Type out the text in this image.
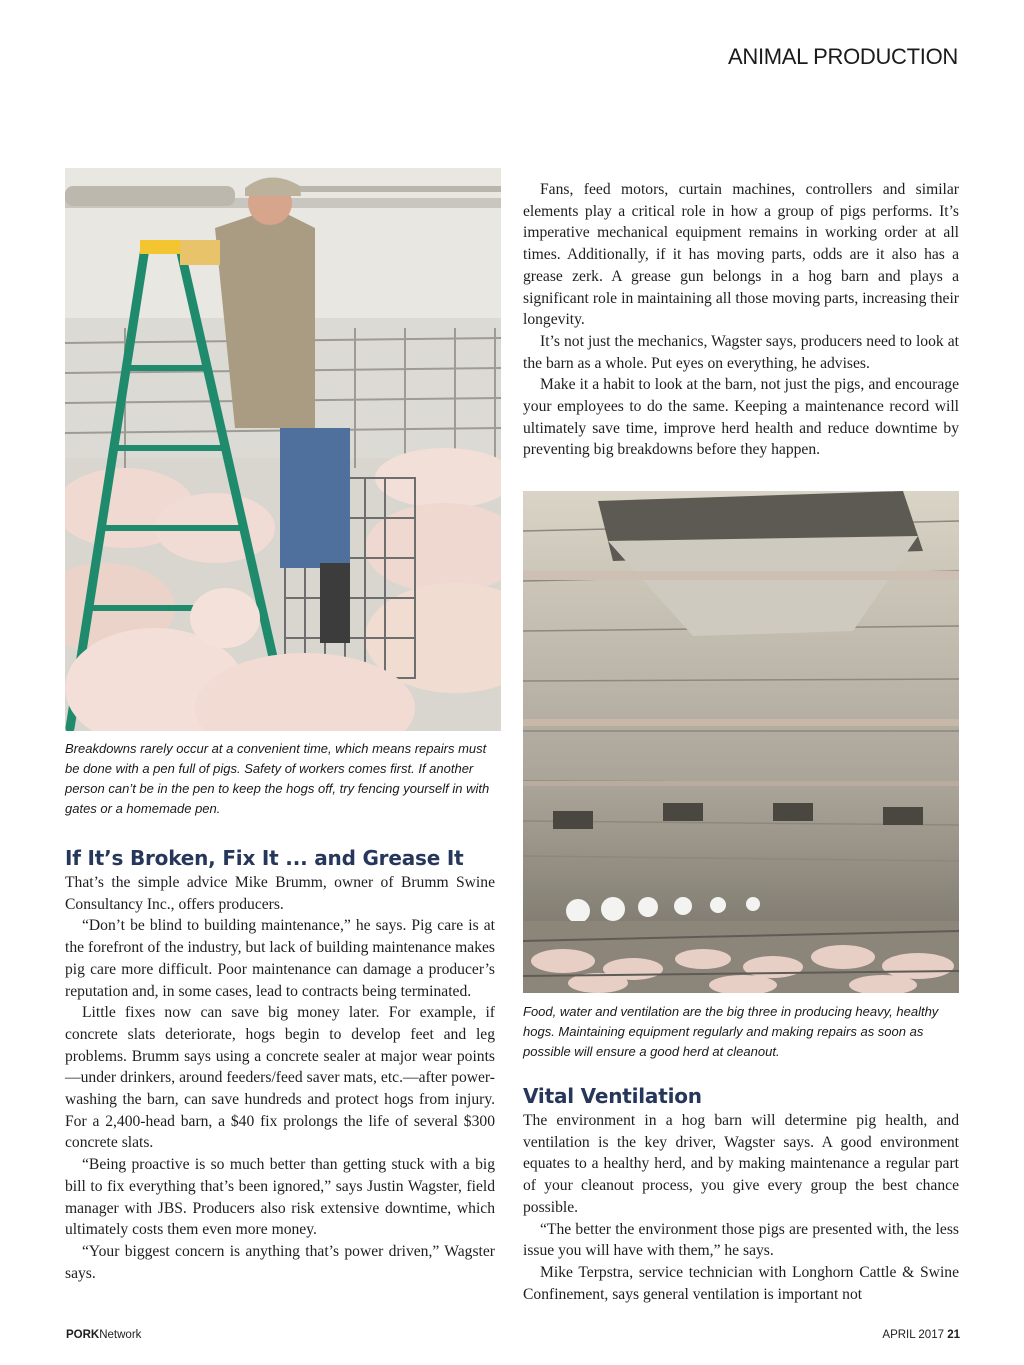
ANIMAL PRODUCTION

Breakdowns rarely occur at a convenient time, which means repairs must be done with a pen full of pigs. Safety of workers comes first. If another person can’t be in the pen to keep the hogs off, try fencing yourself in with gates or a homemade pen.

If It’s Broken, Fix It ... and Grease It

That’s the simple advice Mike Brumm, owner of Brumm Swine Consultancy Inc., offers producers.

“Don’t be blind to building maintenance,” he says. Pig care is at the forefront of the industry, but lack of building maintenance makes pig care more difficult. Poor maintenance can damage a producer’s reputation and, in some cases, lead to contracts being terminated.

Little fixes now can save big money later. For example, if concrete slats deteriorate, hogs begin to develop feet and leg problems. Brumm says using a concrete sealer at major wear points—under drinkers, around feeders/feed saver mats, etc.—after power-washing the barn, can save hundreds and protect hogs from injury. For a 2,400-head barn, a $40 fix prolongs the life of several $300 concrete slats.

“Being proactive is so much better than getting stuck with a big bill to fix everything that’s been ignored,” says Justin Wagster, field manager with JBS. Producers also risk extensive downtime, which ultimately costs them even more money.

“Your biggest concern is anything that’s power driven,” Wagster says.

Fans, feed motors, curtain machines, controllers and similar elements play a critical role in how a group of pigs performs. It’s imperative mechanical equipment remains in working order at all times. Additionally, if it has moving parts, odds are it also has a grease zerk. A grease gun belongs in a hog barn and plays a significant role in maintaining all those moving parts, increasing their longevity.

It’s not just the mechanics, Wagster says, producers need to look at the barn as a whole. Put eyes on everything, he advises.

Make it a habit to look at the barn, not just the pigs, and encourage your employees to do the same. Keeping a maintenance record will ultimately save time, improve herd health and reduce downtime by preventing big breakdowns before they happen.

Food, water and ventilation are the big three in producing heavy, healthy hogs. Maintaining equipment regularly and making repairs as soon as possible will ensure a good herd at cleanout.

Vital Ventilation

The environment in a hog barn will determine pig health, and ventilation is the key driver, Wagster says. A good environment equates to a healthy herd, and by making maintenance a regular part of your cleanout process, you give every group the best chance possible.

“The better the environment those pigs are presented with, the less issue you will have with them,” he says.

Mike Terpstra, service technician with Longhorn Cattle & Swine Confinement, says general ventilation is important not

PORKNetwork	APRIL 2017 21
